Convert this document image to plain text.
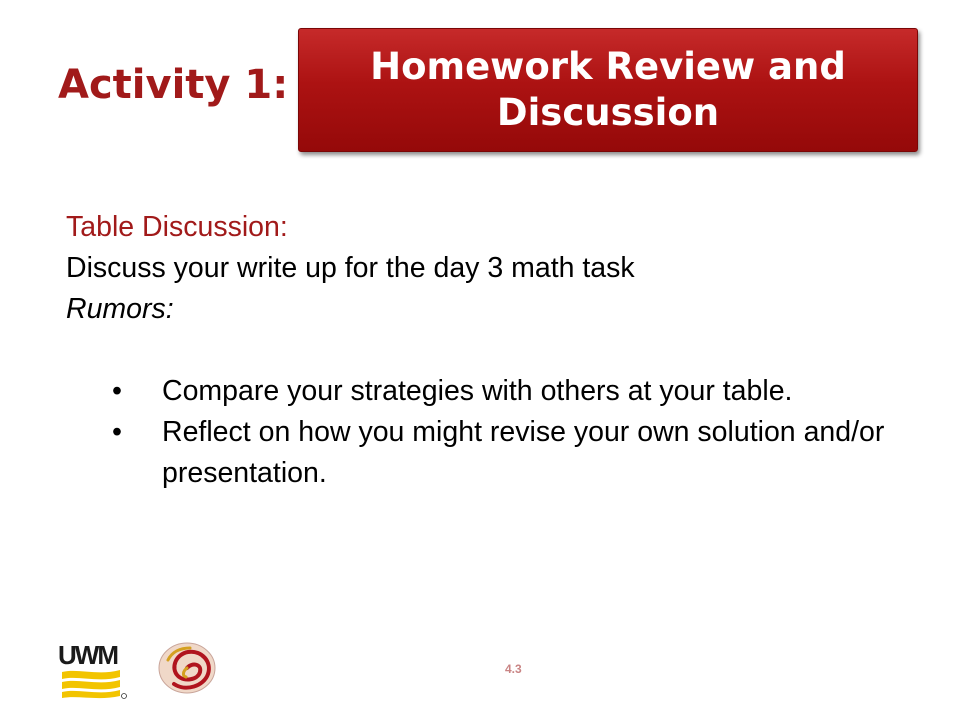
Activity 1: Homework Review and
Discussion
Table Discussion:
Discuss your write up for the day 3 math task
Rumors:
• Compare your strategies with others at your table.
• Reflect on how you might revise your own solution and/or presentation.
UWM	4.3
